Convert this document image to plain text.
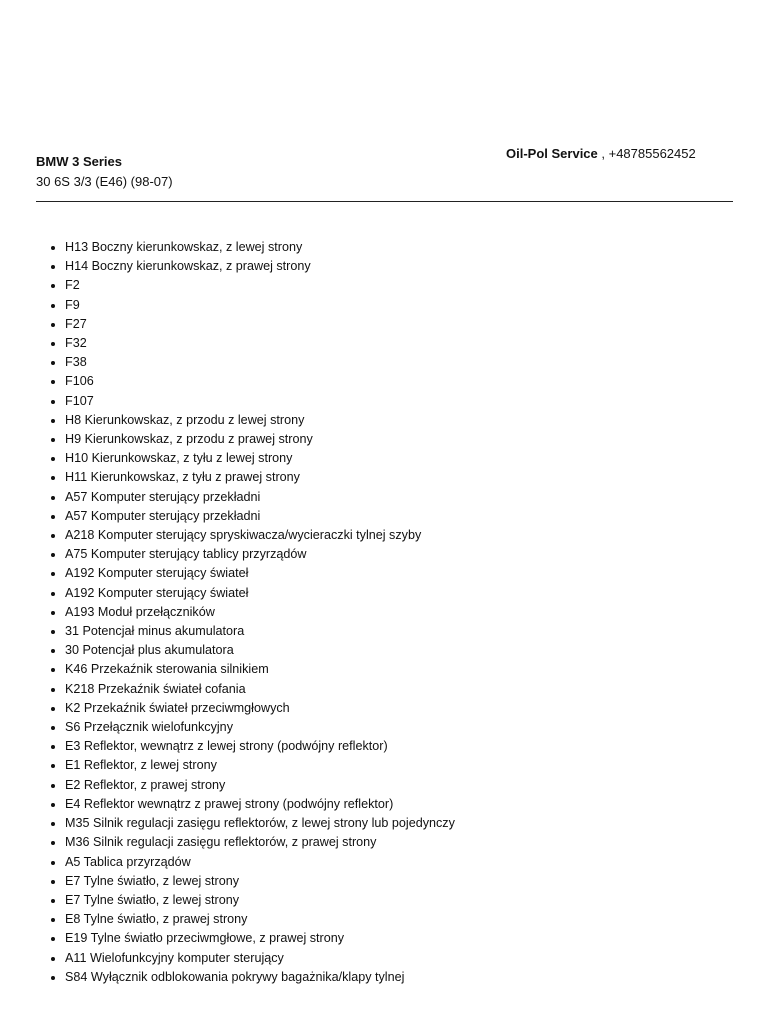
BMW 3 Series
30 6S 3/3 (E46) (98-07)
Oil-Pol Service , +48785562452
• H13 Boczny kierunkowskaz, z lewej strony
• H14 Boczny kierunkowskaz, z prawej strony
• F2
• F9
• F27
• F32
• F38
• F106
• F107
• H8 Kierunkowskaz, z przodu z lewej strony
• H9 Kierunkowskaz, z przodu z prawej strony
• H10 Kierunkowskaz, z tyłu z lewej strony
• H11 Kierunkowskaz, z tyłu z prawej strony
• A57 Komputer sterujący przekładni
• A57 Komputer sterujący przekładni
• A218 Komputer sterujący spryskiwacza/wycieraczki tylnej szyby
• A75 Komputer sterujący tablicy przyrządów
• A192 Komputer sterujący świateł
• A192 Komputer sterujący świateł
• A193 Moduł przełączników
• 31 Potencjał minus akumulatora
• 30 Potencjał plus akumulatora
• K46 Przekaźnik sterowania silnikiem
• K218 Przekaźnik świateł cofania
• K2 Przekaźnik świateł przeciwmgłowych
• S6 Przełącznik wielofunkcyjny
• E3 Reflektor, wewnątrz z lewej strony (podwójny reflektor)
• E1 Reflektor, z lewej strony
• E2 Reflektor, z prawej strony
• E4 Reflektor wewnątrz z prawej strony (podwójny reflektor)
• M35 Silnik regulacji zasięgu reflektorów, z lewej strony lub pojedynczy
• M36 Silnik regulacji zasięgu reflektorów, z prawej strony
• A5 Tablica przyrządów
• E7 Tylne światło, z lewej strony
• E7 Tylne światło, z lewej strony
• E8 Tylne światło, z prawej strony
• E19 Tylne światło przeciwmgłowe, z prawej strony
• A11 Wielofunkcyjny komputer sterujący
• S84 Wyłącznik odblokowania pokrywy bagażnika/klapy tylnej
